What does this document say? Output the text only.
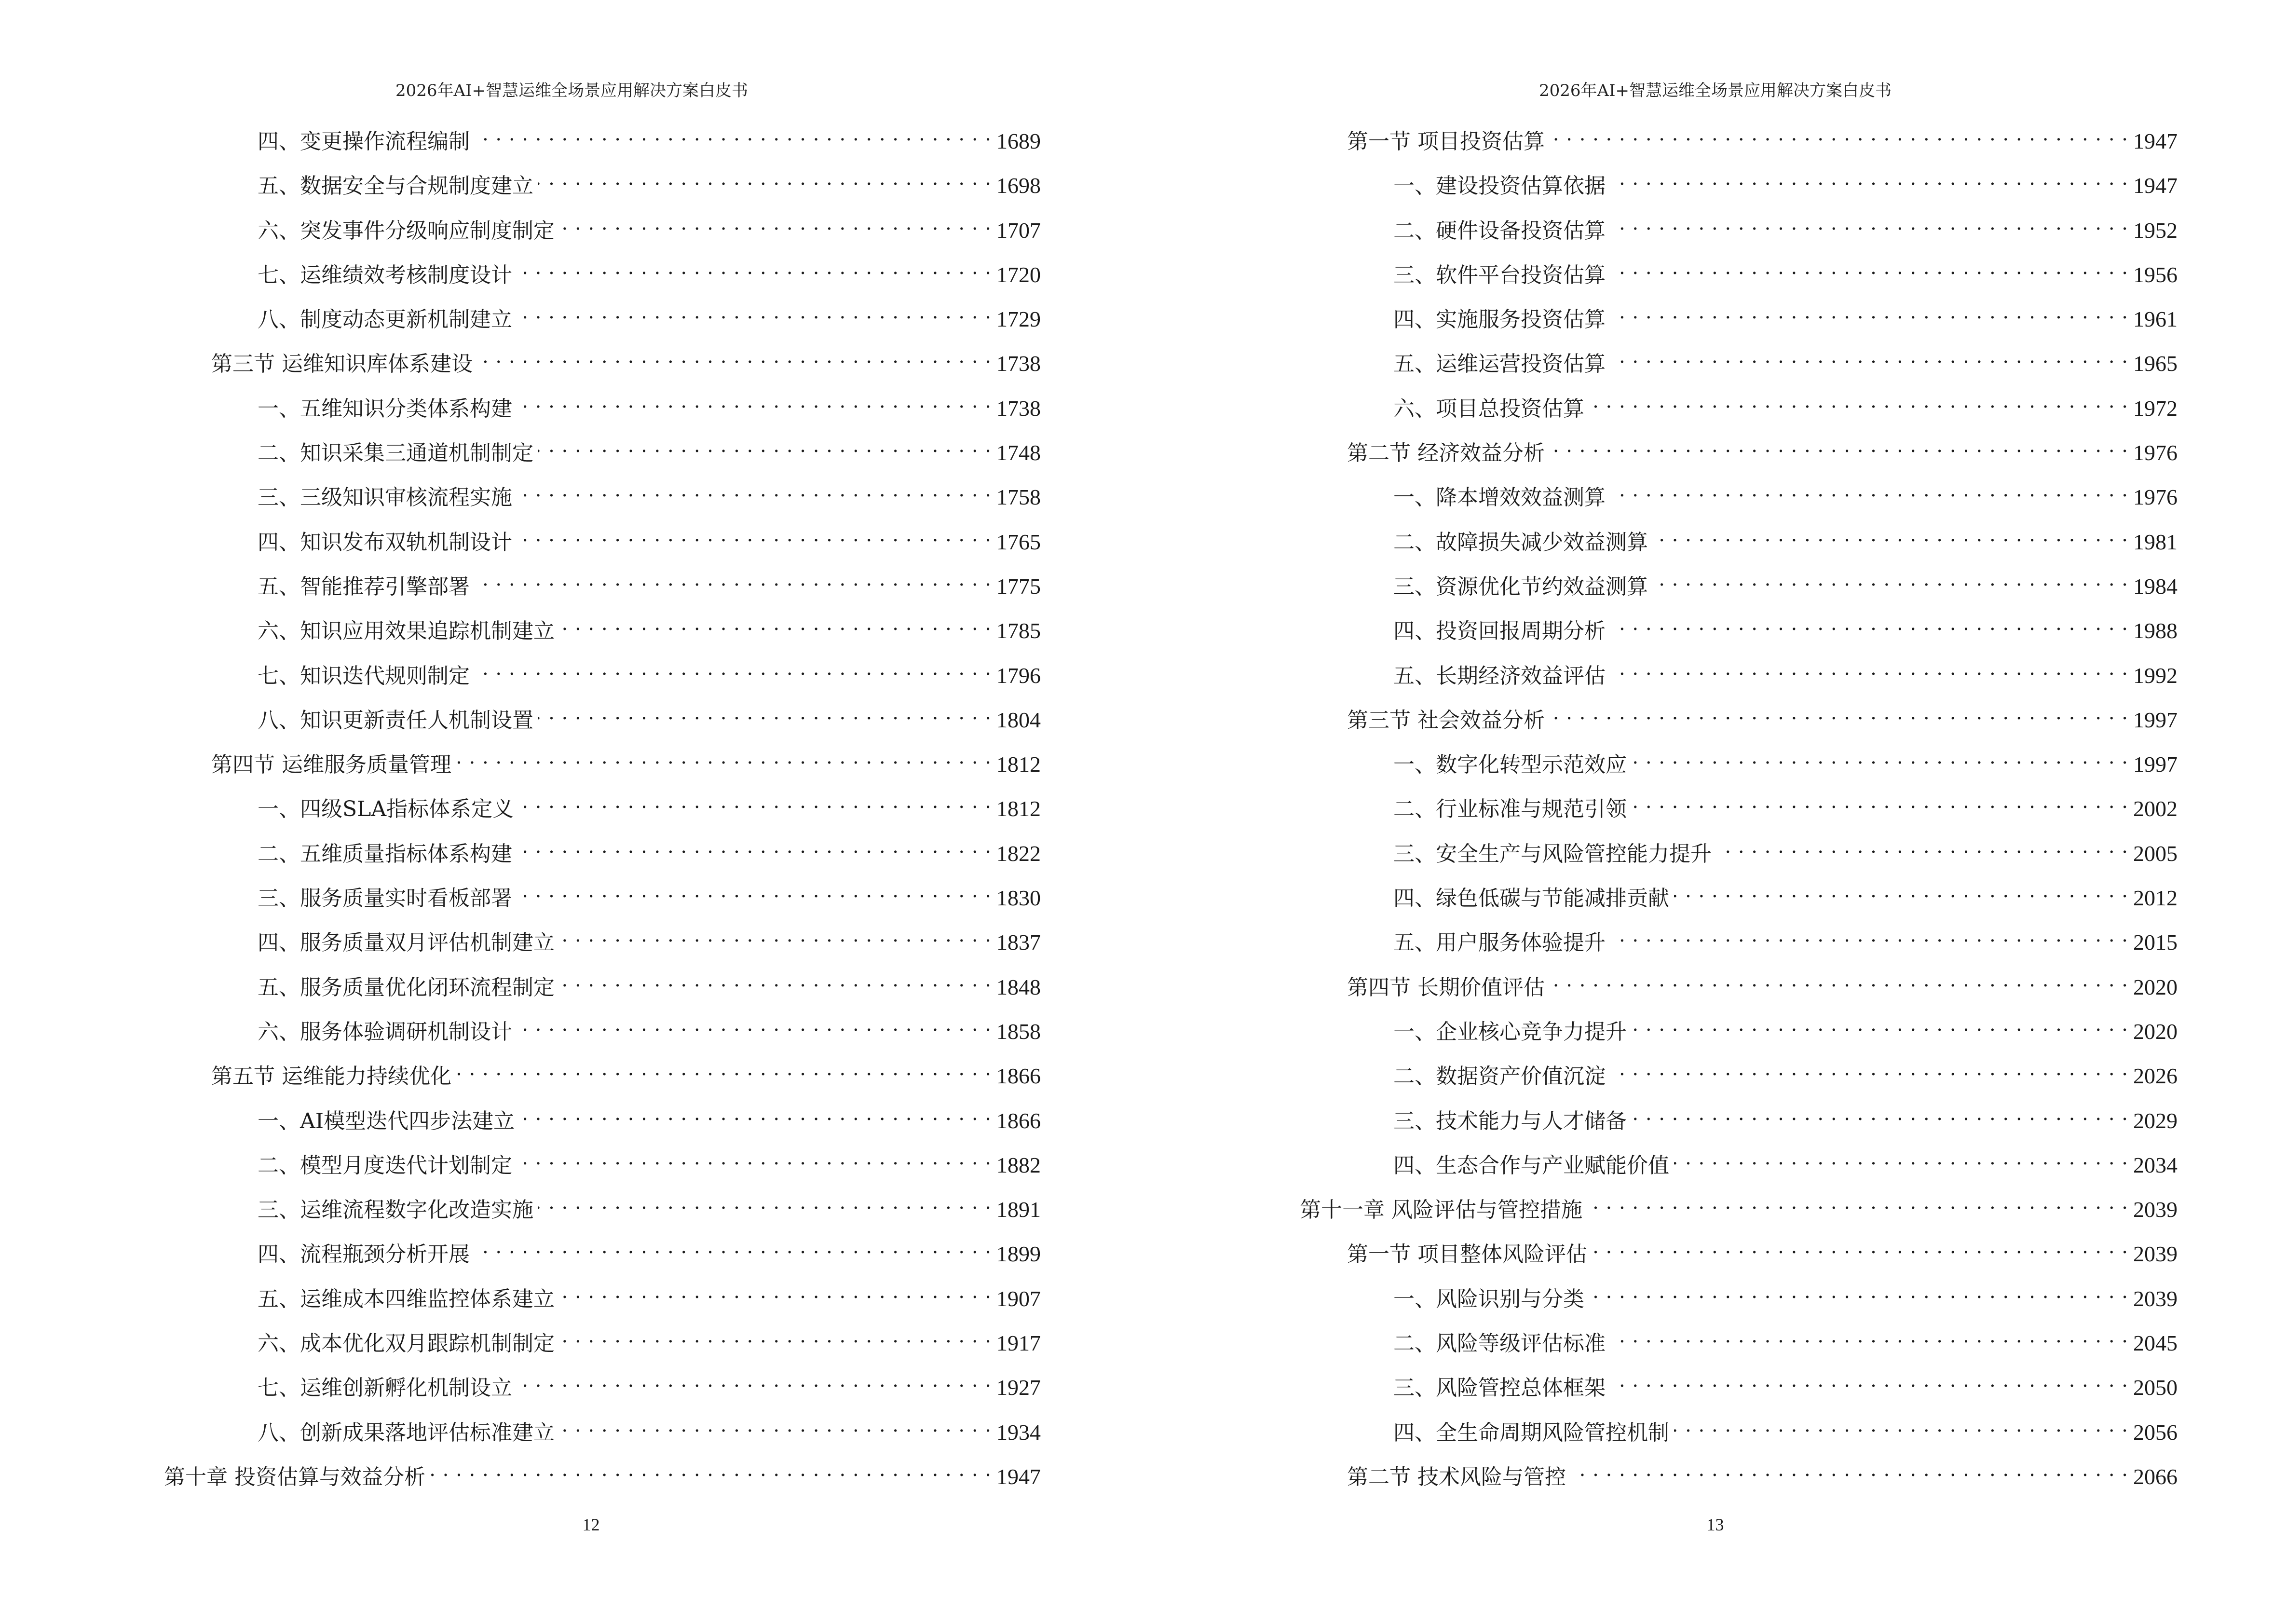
2026年AI+智慧运维全场景应用解决方案白皮书
四、变更操作流程编制 . . .	1689
五、数据安全与合规制度建立 . . .	1698
六、突发事件分级响应制度制定 . . .	1707
七、运维绩效考核制度设计 . . .	1720
八、制度动态更新机制建立 . . .	1729
第三节 运维知识库体系建设 . . .	1738
一、五维知识分类体系构建 . . .	1738
二、知识采集三通道机制制定 . . .	1748
三、三级知识审核流程实施 . . .	1758
四、知识发布双轨机制设计 . . .	1765
五、智能推荐引擎部署 . . .	1775
六、知识应用效果追踪机制建立 . . .	1785
七、知识迭代规则制定 . . .	1796
八、知识更新责任人机制设置 . . .	1804
第四节 运维服务质量管理 . . .	1812
一、四级SLA指标体系定义 . . .	1812
二、五维质量指标体系构建 . . .	1822
三、服务质量实时看板部署 . . .	1830
四、服务质量双月评估机制建立 . . .	1837
五、服务质量优化闭环流程制定 . . .	1848
六、服务体验调研机制设计 . . .	1858
第五节 运维能力持续优化 . . .	1866
一、AI模型迭代四步法建立 . . .	1866
二、模型月度迭代计划制定 . . .	1882
三、运维流程数字化改造实施 . . .	1891
四、流程瓶颈分析开展 . . .	1899
五、运维成本四维监控体系建立 . . .	1907
六、成本优化双月跟踪机制制定 . . .	1917
七、运维创新孵化机制设立 . . .	1927
八、创新成果落地评估标准建立 . . .	1934
第十章 投资估算与效益分析 . . .	1947
12
2026年AI+智慧运维全场景应用解决方案白皮书
第一节 项目投资估算 . . .	1947
一、建设投资估算依据 . . .	1947
二、硬件设备投资估算 . . .	1952
三、软件平台投资估算 . . .	1956
四、实施服务投资估算 . . .	1961
五、运维运营投资估算 . . .	1965
六、项目总投资估算 . . .	1972
第二节 经济效益分析 . . .	1976
一、降本增效效益测算 . . .	1976
二、故障损失减少效益测算 . . .	1981
三、资源优化节约效益测算 . . .	1984
四、投资回报周期分析 . . .	1988
五、长期经济效益评估 . . .	1992
第三节 社会效益分析 . . .	1997
一、数字化转型示范效应 . . .	1997
二、行业标准与规范引领 . . .	2002
三、安全生产与风险管控能力提升 . . .	2005
四、绿色低碳与节能减排贡献 . . .	2012
五、用户服务体验提升 . . .	2015
第四节 长期价值评估 . . .	2020
一、企业核心竞争力提升 . . .	2020
二、数据资产价值沉淀 . . .	2026
三、技术能力与人才储备 . . .	2029
四、生态合作与产业赋能价值 . . .	2034
第十一章 风险评估与管控措施 . . .	2039
第一节 项目整体风险评估 . . .	2039
一、风险识别与分类 . . .	2039
二、风险等级评估标准 . . .	2045
三、风险管控总体框架 . . .	2050
四、全生命周期风险管控机制 . . .	2056
第二节 技术风险与管控 . . .	2066
13
